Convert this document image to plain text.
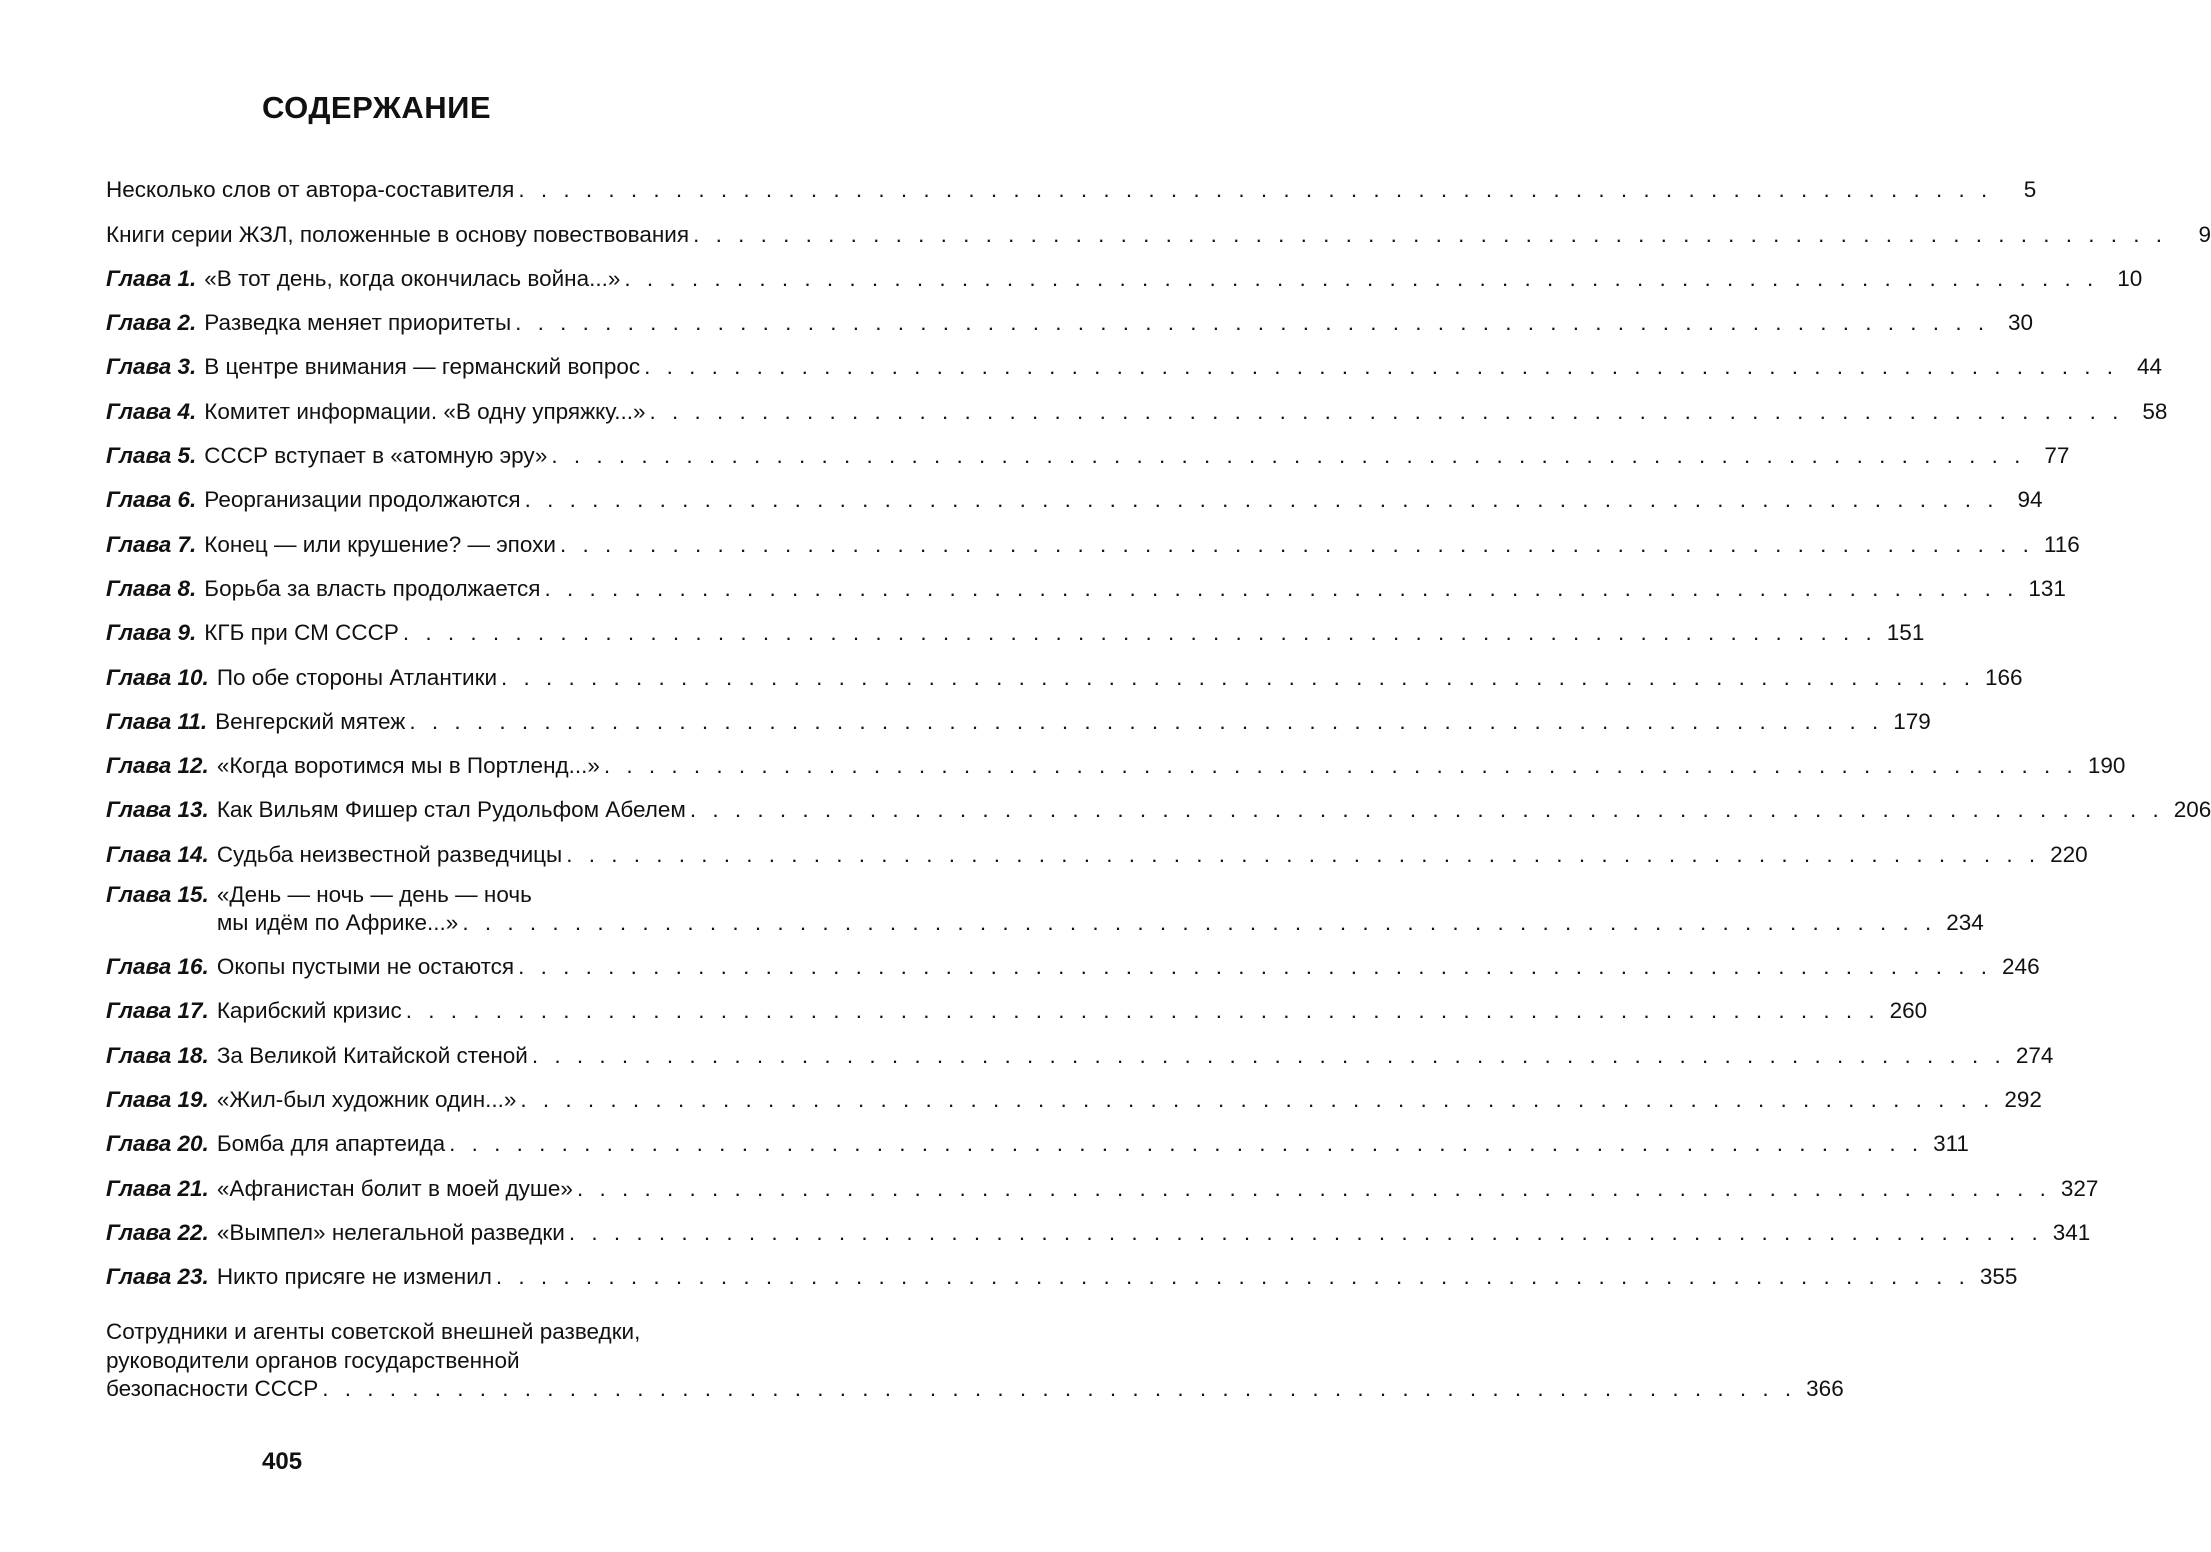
СОДЕРЖАНИЕ
Несколько слов от автора-составителя . . . . . . . . . . . . . . . . . . . . . . . . . . . . . . . . . . . . . . . . . . . . . . . . . . . . . . . . . . . . . . . . . .	5
Книги серии ЖЗЛ, положенные в основу повествования . . . . . . . . . . . . . . . . . . . . . . . . . . . . . . . . . . . . . . . . . . . . . . . . . . . . . . . . . . . . . . . . . .	9
Глава 1. «В тот день, когда окончилась война...» . . . . . . . . . . . . . . . . . . . . . . . . . . . . . . . . . . . . . . . . . . . . . . . . . . . . . . . . . . . . . . . . . . 10
Глава 2. Разведка меняет приоритеты . . . . . . . . . . . . . . . . . . . . . . . . . . . . . . . . . . . . . . . . . . . . . . . . . . . . . . . . . . . . . . . . . . 30
Глава 3. В центре внимания — германский вопрос . . . . . . . . . . . . . . . . . . . . . . . . . . . . . . . . . . . . . . . . . . . . . . . . . . . . . . . . . . . . . . . . . . 44
Глава 4. Комитет информации. «В одну упряжку...» . . . . . . . . . . . . . . . . . . . . . . . . . . . . . . . . . . . . . . . . . . . . . . . . . . . . . . . . . . . . . . . . . . 58
Глава 5. СССР вступает в «атомную эру» . . . . . . . . . . . . . . . . . . . . . . . . . . . . . . . . . . . . . . . . . . . . . . . . . . . . . . . . . . . . . . . . . . 77
Глава 6. Реорганизации продолжаются . . . . . . . . . . . . . . . . . . . . . . . . . . . . . . . . . . . . . . . . . . . . . . . . . . . . . . . . . . . . . . . . . . 94
Глава 7. Конец — или крушение? — эпохи . . . . . . . . . . . . . . . . . . . . . . . . . . . . . . . . . . . . . . . . . . . . . . . . . . . . . . . . . . . . . . . . . . 116
Глава 8. Борьба за власть продолжается . . . . . . . . . . . . . . . . . . . . . . . . . . . . . . . . . . . . . . . . . . . . . . . . . . . . . . . . . . . . . . . . . . 131
Глава 9. КГБ при СМ СССР . . . . . . . . . . . . . . . . . . . . . . . . . . . . . . . . . . . . . . . . . . . . . . . . . . . . . . . . . . . . . . . . . . 151
Глава 10. По обе стороны Атлантики . . . . . . . . . . . . . . . . . . . . . . . . . . . . . . . . . . . . . . . . . . . . . . . . . . . . . . . . . . . . . . . . . . 166
Глава 11. Венгерский мятеж . . . . . . . . . . . . . . . . . . . . . . . . . . . . . . . . . . . . . . . . . . . . . . . . . . . . . . . . . . . . . . . . . . 179
Глава 12. «Когда воротимся мы в Портленд...» . . . . . . . . . . . . . . . . . . . . . . . . . . . . . . . . . . . . . . . . . . . . . . . . . . . . . . . . . . . . . . . . . . 190
Глава 13. Как Вильям Фишер стал Рудольфом Абелем . . . . . . . . . . . . . . . . . . . . . . . . . . . . . . . . . . . . . . . . . . . . . . . . . . . . . . . . . . . . . . . . . . 206
Глава 14. Судьба неизвестной разведчицы . . . . . . . . . . . . . . . . . . . . . . . . . . . . . . . . . . . . . . . . . . . . . . . . . . . . . . . . . . . . . . . . . . 220
Глава 15. «День — ночь — день — ночь
мы идём по Африке...» . . . . . . . . . . . . . . . . . . . . . . . . . . . . . . . . . . . . . . . . . . . . . . . . . . . . . . . . . . . . . . . . . . 234
Глава 16. Окопы пустыми не остаются . . . . . . . . . . . . . . . . . . . . . . . . . . . . . . . . . . . . . . . . . . . . . . . . . . . . . . . . . . . . . . . . . . 246
Глава 17. Карибский кризис . . . . . . . . . . . . . . . . . . . . . . . . . . . . . . . . . . . . . . . . . . . . . . . . . . . . . . . . . . . . . . . . . . 260
Глава 18. За Великой Китайской стеной . . . . . . . . . . . . . . . . . . . . . . . . . . . . . . . . . . . . . . . . . . . . . . . . . . . . . . . . . . . . . . . . . . 274
Глава 19. «Жил-был художник один...» . . . . . . . . . . . . . . . . . . . . . . . . . . . . . . . . . . . . . . . . . . . . . . . . . . . . . . . . . . . . . . . . . . 292
Глава 20. Бомба для апартеида . . . . . . . . . . . . . . . . . . . . . . . . . . . . . . . . . . . . . . . . . . . . . . . . . . . . . . . . . . . . . . . . . . 311
Глава 21. «Афганистан болит в моей душе» . . . . . . . . . . . . . . . . . . . . . . . . . . . . . . . . . . . . . . . . . . . . . . . . . . . . . . . . . . . . . . . . . . 327
Глава 22. «Вымпел» нелегальной разведки . . . . . . . . . . . . . . . . . . . . . . . . . . . . . . . . . . . . . . . . . . . . . . . . . . . . . . . . . . . . . . . . . . 341
Глава 23. Никто присяге не изменил . . . . . . . . . . . . . . . . . . . . . . . . . . . . . . . . . . . . . . . . . . . . . . . . . . . . . . . . . . . . . . . . . . 355
Сотрудники и агенты советской внешней разведки,
руководители органов государственной
безопасности СССР . . . . . . . . . . . . . . . . . . . . . . . . . . . . . . . . . . . . . . . . . . . . . . . . . . . . . . . . . . . . . . . . . . 366
405
